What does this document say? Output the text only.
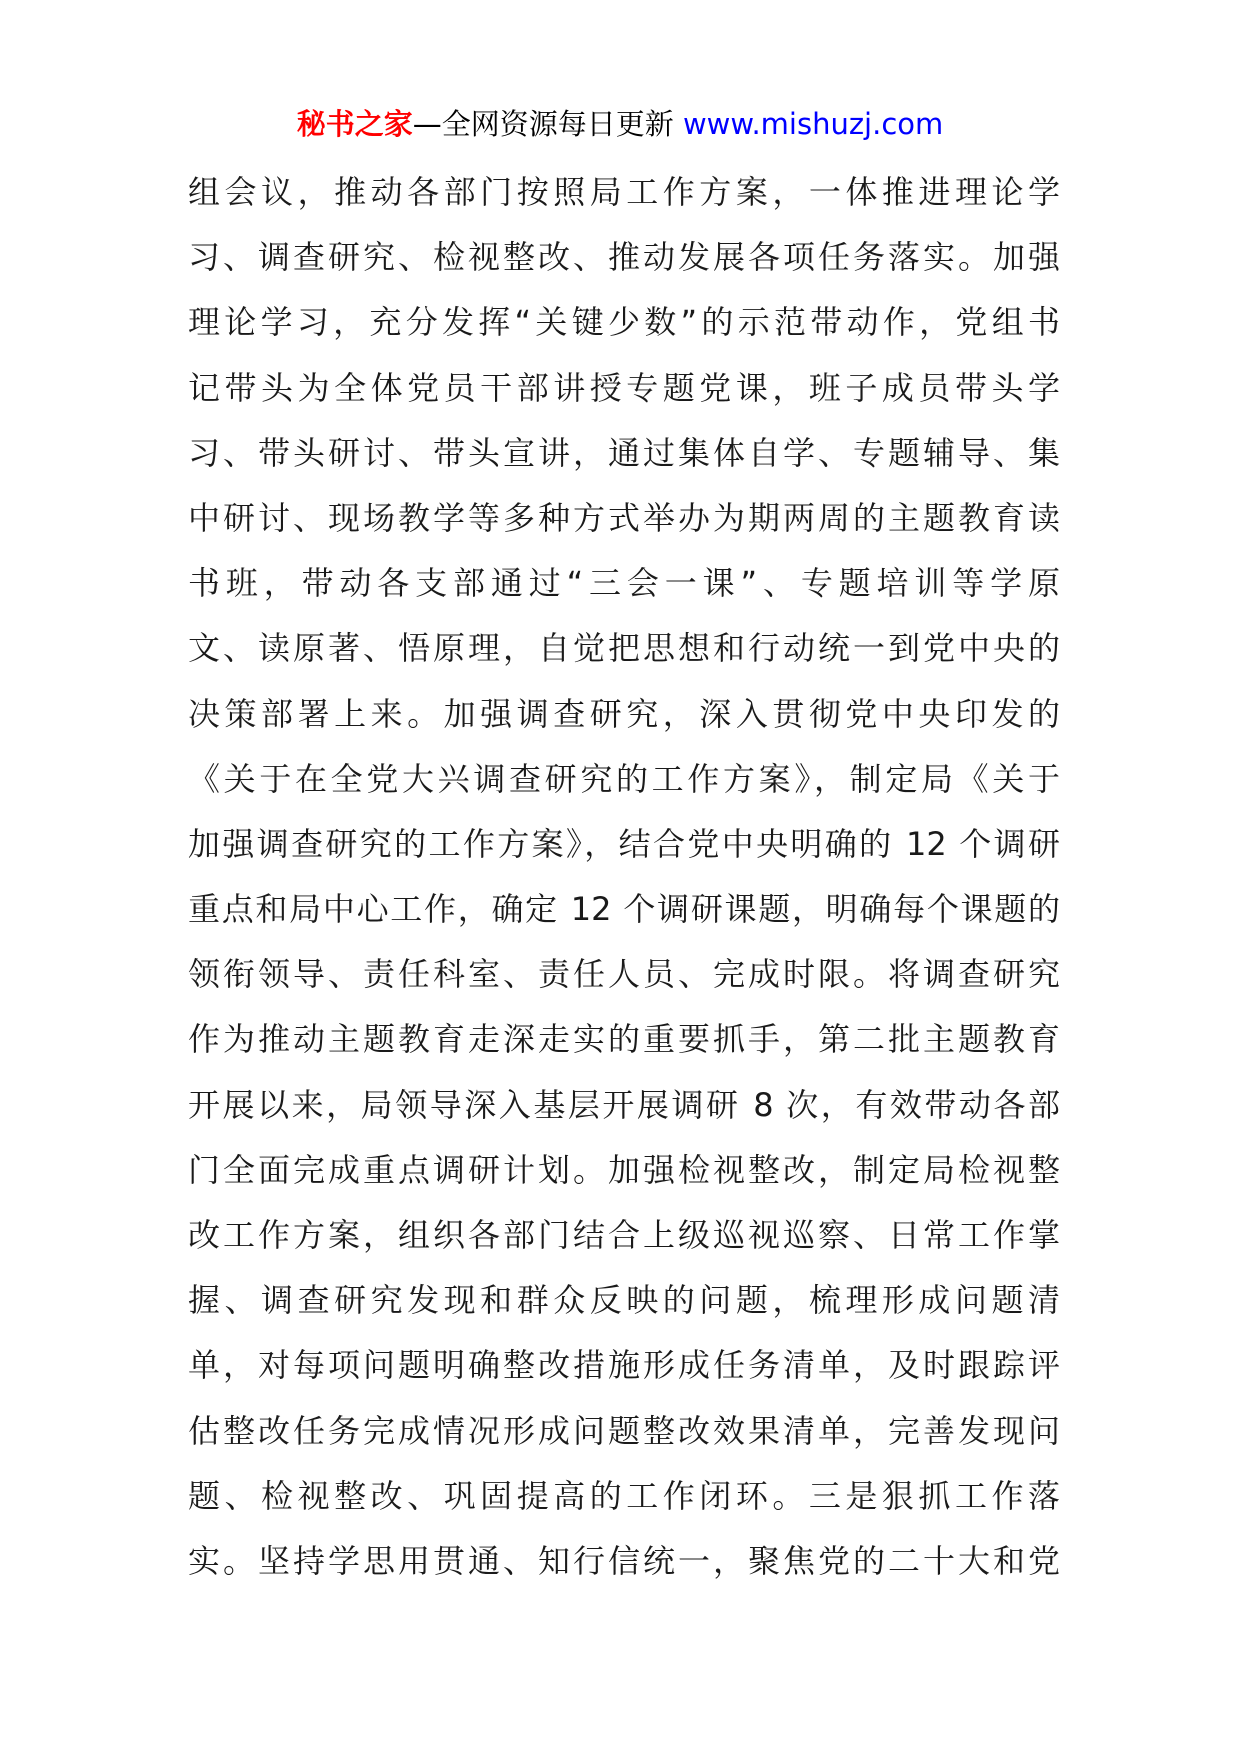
秘书之家—全网资源每日更新 www.mishuzj.com
组会议，推动各部门按照局工作方案，一体推进理论学
习、调查研究、检视整改、推动发展各项任务落实。加强
理论学习，充分发挥“关键少数”的示范带动作，党组书
记带头为全体党员干部讲授专题党课，班子成员带头学
习、带头研讨、带头宣讲，通过集体自学、专题辅导、集
中研讨、现场教学等多种方式举办为期两周的主题教育读
书班，带动各支部通过“三会一课”、专题培训等学原
文、读原著、悟原理，自觉把思想和行动统一到党中央的
决策部署上来。加强调查研究，深入贯彻党中央印发的
《关于在全党大兴调查研究的工作方案》，制定局《关于
加强调查研究的工作方案》，结合党中央明确的 12 个调研
重点和局中心工作，确定 12 个调研课题，明确每个课题的
领衔领导、责任科室、责任人员、完成时限。将调查研究
作为推动主题教育走深走实的重要抓手，第二批主题教育
开展以来，局领导深入基层开展调研 8 次，有效带动各部
门全面完成重点调研计划。加强检视整改，制定局检视整
改工作方案，组织各部门结合上级巡视巡察、日常工作掌
握、调查研究发现和群众反映的问题，梳理形成问题清
单，对每项问题明确整改措施形成任务清单，及时跟踪评
估整改任务完成情况形成问题整改效果清单，完善发现问
题、检视整改、巩固提高的工作闭环。三是狠抓工作落
实。坚持学思用贯通、知行信统一，聚焦党的二十大和党
